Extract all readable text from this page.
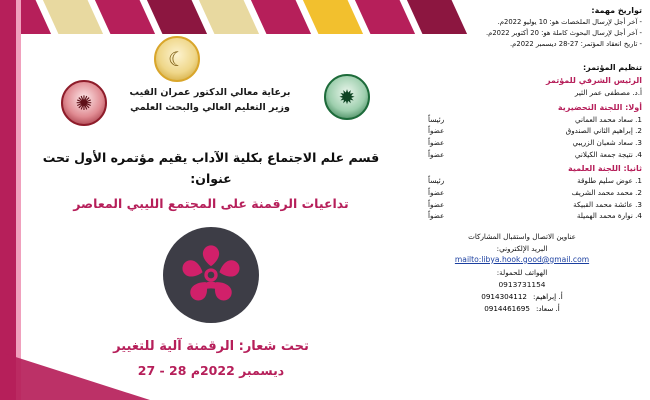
☾
✹
✺	برعاية معالي الدكتور عمران القيب
وزير التعليم العالي والبحث العلمي
قسم علم الاجتماع بكلية الآداب يقيم مؤتمره الأول تحت عنوان:
تداعيات الرقمنة على المجتمع الليبي المعاصر
تحت شعار: الرقمنة آلية للتغيير
27 - 28 ديسمبر 2022م
تواريخ مهمة:
- آخر أجل لإرسال الملخصات هو: 10 يوليو 2022م.
- آخر أجل لإرسال البحوث كاملة هو: 20 أكتوبر 2022م.
- تاريخ انعقاد المؤتمر: 27-28 ديسمبر 2022م.
تنظيم المؤتمر:
الرئيس الشرفي للمؤتمر
أ.د. مصطفى عمر الثير
أولا: اللجنة التحضيرية
1. سعاد محمد العماني
رئيساً
2. إبراهيم الثاني الصندوق
عضواً
3. سعاد شعبان الزريبي
عضواً
4. نتيجة جمعة الكيلاني
عضواً
ثانيا: اللجنة العلمية
1. عوض سليم طلوقة
رئيساً
2. محمد محمد الشريف
عضواً
3. عائشة محمد القبيكة
عضواً
4. نوارة محمد الهميلة
عضواً
عناوين الاتصال واستقبال المشاركات
البريد الإلكتروني:
mailto:libya.hook.good@gmail.com
الهواتف للحمولة:
0913731154
أ. إبراهيم:
0914304112
أ. سعاد:
0914461695
